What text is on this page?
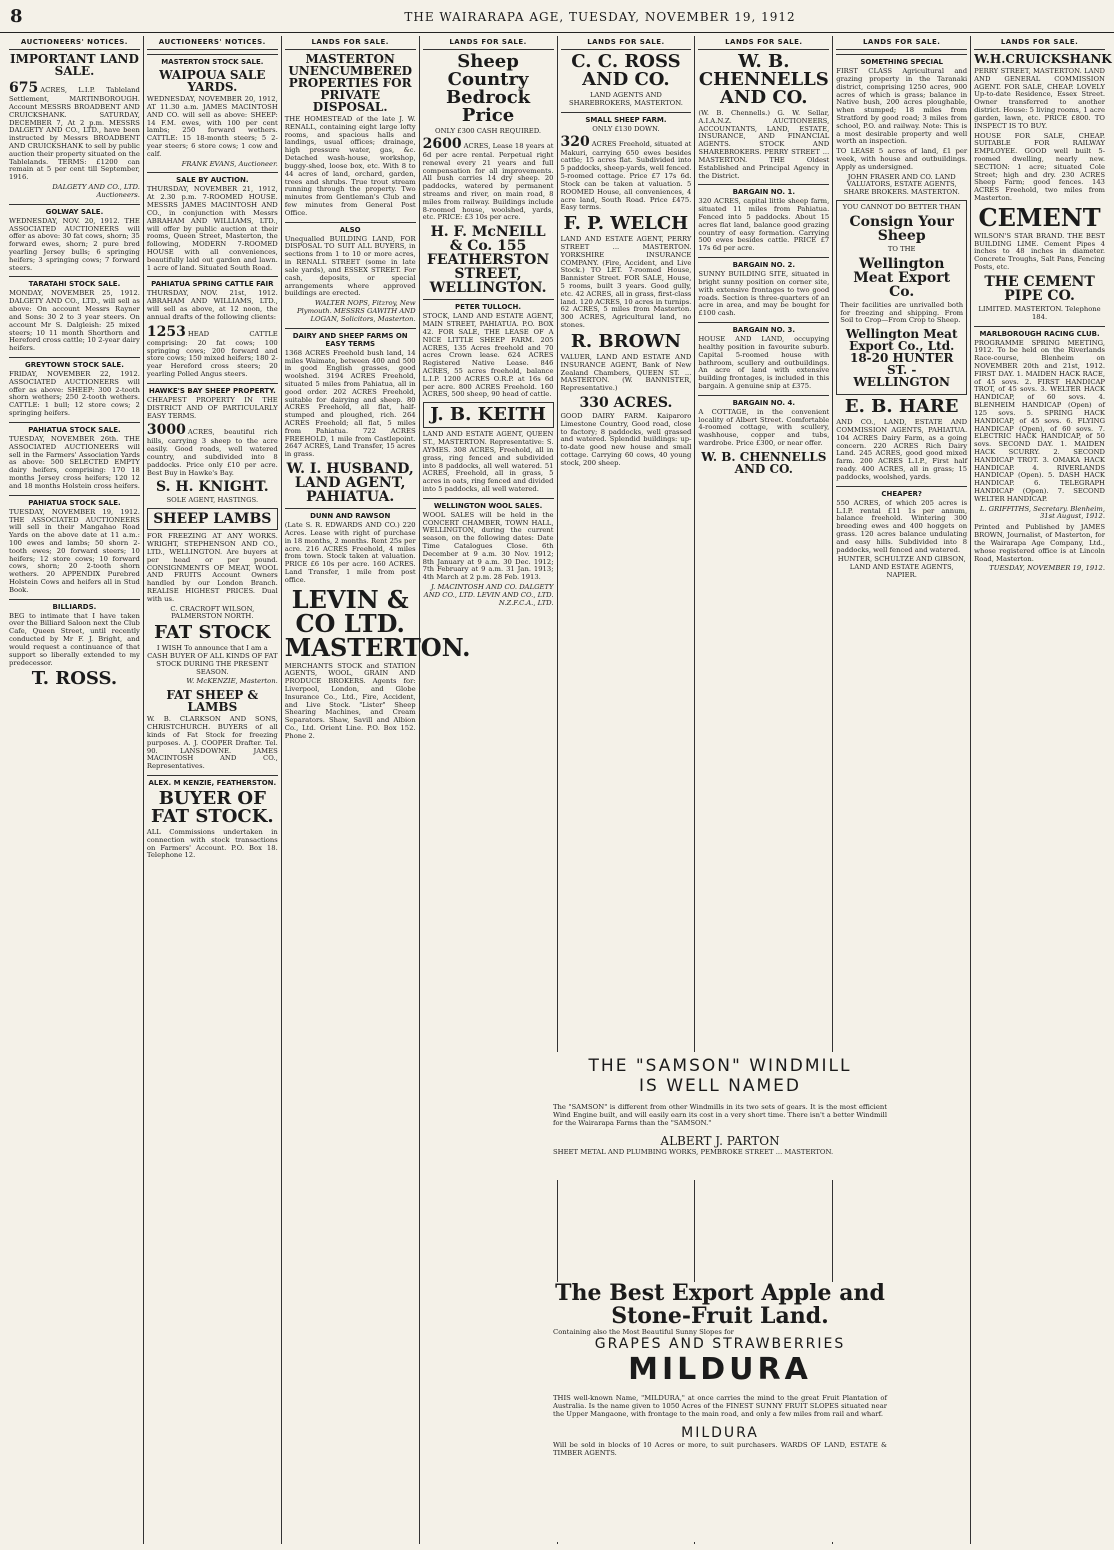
8	THE WAIRARAPA AGE, TUESDAY, NOVEMBER 19, 1912
AUCTIONEERS' NOTICES.
IMPORTANT LAND SALE.

675 ACRES, L.I.P. Tableland Settlement, MARTINBOROUGH. Account MESSRS BROADBENT AND CRUICKSHANK. SATURDAY, DECEMBER 7, At 2 p.m. MESSRS DALGETY AND CO., LTD., have been instructed by Messrs BROADBENT AND CRUICKSHANK to sell by public auction their property situated on the Tablelands. TERMS: £1200 can remain at 5 per cent till September, 1916.

DALGETY AND CO., LTD. Auctioneers.
GOLWAY SALE.

WEDNESDAY, NOV. 20, 1912. THE ASSOCIATED AUCTIONEERS will offer as above: 30 fat cows, shorn; 35 forward ewes, shorn; 2 pure bred yearling Jersey bulls; 6 springing heifers; 3 springing cows; 7 forward steers.

TARATAHI STOCK SALE.

MONDAY, NOVEMBER 25, 1912. DALGETY AND CO., LTD., will sell as above: On account Messrs Rayner and Sons: 30 2 to 3 year steers. On account Mr S. Dalgleish: 25 mixed steers; 10 11 month Shorthorn and Hereford cross cattle; 10 2-year dairy heifers.

GREYTOWN STOCK SALE.

FRIDAY, NOVEMBER 22, 1912. ASSOCIATED AUCTIONEERS will offer as above: SHEEP: 300 2-tooth shorn wethers; 250 2-tooth wethers. CATTLE: 1 bull; 12 store cows; 2 springing heifers.

PAHIATUA STOCK SALE.

TUESDAY, NOVEMBER 26th. THE ASSOCIATED AUCTIONEERS will sell in the Farmers' Association Yards as above: 500 SELECTED EMPTY dairy heifers, comprising: 170 18 months Jersey cross heifers; 120 12 and 18 months Holstein cross heifers.

PAHIATUA STOCK SALE.

TUESDAY, NOVEMBER 19, 1912. THE ASSOCIATED AUCTIONEERS will sell in their Mangahao Road Yards on the above date at 11 a.m.: 100 ewes and lambs; 50 shorn 2-tooth ewes; 20 forward steers; 10 heifers; 12 store cows; 10 forward cows, shorn; 20 2-tooth shorn wethers. 20 APPENDIX Purebred Holstein Cows and heifers all in Stud Book.

BILLIARDS.

BEG to intimate that I have taken over the Billiard Saloon next the Club Cafe, Queen Street, until recently conducted by Mr F. J. Bright, and would request a continuance of that support so liberally extended to my predecessor.

T. ROSS.
AUCTIONEERS' NOTICES.
MASTERTON STOCK SALE.
WAIPOUA SALE YARDS.

WEDNESDAY, NOVEMBER 20, 1912, AT 11.30 a.m. JAMES MACINTOSH AND CO. will sell as above: SHEEP: 14 F.M. ewes, with 100 per cent lambs; 250 forward wethers. CATTLE: 15 18-month steers; 5 2-year steers; 6 store cows; 1 cow and calf.

FRANK EVANS, Auctioneer.
SALE BY AUCTION.

THURSDAY, NOVEMBER 21, 1912, At 2.30 p.m. 7-ROOMED HOUSE. MESSRS JAMES MACINTOSH AND CO., in conjunction with Messrs ABRAHAM AND WILLIAMS, LTD., will offer by public auction at their rooms, Queen Street, Masterton, the following, MODERN 7-ROOMED HOUSE with all conveniences, beautifully laid out garden and lawn. 1 acre of land. Situated South Road.

PAHIATUA SPRING CATTLE FAIR

THURSDAY, NOV. 21st, 1912. ABRAHAM AND WILLIAMS, LTD., will sell as above, at 12 noon, the annual drafts of the following clients:

1253 HEAD CATTLE comprising: 20 fat cows; 100 springing cows; 200 forward and store cows; 150 mixed heifers; 180 2-year Hereford cross steers; 20 yearling Polled Angus steers.

HAWKE'S BAY SHEEP PROPERTY.

CHEAPEST PROPERTY IN THE DISTRICT AND OF PARTICULARLY EASY TERMS.

3000 ACRES, beautiful rich hills, carrying 3 sheep to the acre easily. Good roads, well watered country, and subdivided into 8 paddocks. Price only £10 per acre. Best Buy in Hawke's Bay.

S. H. KNIGHT.
SOLE AGENT, HASTINGS.
SHEEP LAMBS

FOR FREEZING AT ANY WORKS. WRIGHT, STEPHENSON AND CO., LTD., WELLINGTON. Are buyers at per head or per pound. CONSIGNMENTS OF MEAT, WOOL AND FRUITS Account Owners handled by our London Branch. REALISE HIGHEST PRICES. Dual with us.

C. CRACROFT WILSON, PALMERSTON NORTH.
FAT STOCK

I WISH To announce that I am a CASH BUYER OF ALL KINDS OF FAT STOCK DURING THE PRESENT SEASON.

W. McKENZIE, Masterton.
FAT SHEEP & LAMBS

W. B. CLARKSON AND SONS, CHRISTCHURCH. BUYERS of all kinds of Fat Stock for freezing purposes. A. J. COOPER Drafter. Tel. 90. LANSDOWNE. JAMES MACINTOSH AND CO., Representatives.

ALEX. M KENZIE, FEATHERSTON.
BUYER OF FAT STOCK.

ALL Commissions undertaken in connection with stock transactions on Farmers' Account. P.O. Box 18. Telephone 12.

LANDS FOR SALE.
MASTERTON UNENCUMBERED PROPERTIES FOR PRIVATE DISPOSAL.

THE HOMESTEAD of the late J. W. RENALL, containing eight large lofty rooms, and spacious halls and landings, usual offices; drainage, high pressure water, gas, &c. Detached wash-house, workshop, buggy-shed, loose box, etc. With 8 to 44 acres of land, orchard, garden, trees and shrubs. True trout stream running through the property. Two minutes from Gentleman's Club and few minutes from General Post Office.

ALSO

Unequalled BUILDING LAND, FOR DISPOSAL TO SUIT ALL BUYERS, in sections from 1 to 10 or more acres, in RENALL STREET (some in late sale yards), and ESSEX STREET. For cash, deposits, or special arrangements where approved buildings are erected.

WALTER NOPS, Fitzroy, New Plymouth. MESSRS GAWITH AND LOGAN, Solicitors, Masterton.
DAIRY AND SHEEP FARMS ON EASY TERMS

1368 ACRES Freehold bush land, 14 miles Waimate, between 400 and 500 in good English grasses, good woolshed. 3194 ACRES Freehold, situated 5 miles from Pahiatua, all in good order. 202 ACRES Freehold, suitable for dairying and sheep. 80 ACRES Freehold, all flat, half-stumped and ploughed, rich. 264 ACRES Freehold; all flat, 5 miles from Pahiatua. 722 ACRES FREEHOLD, 1 mile from Castlepoint. 2647 ACRES, Land Transfer, 15 acres in grass.

W. I. HUSBAND, LAND AGENT, PAHIATUA.
DUNN AND RAWSON

(Late S. R. EDWARDS AND CO.) 220 Acres. Lease with right of purchase in 18 months, 2 months. Rent 25s per acre. 216 ACRES Freehold, 4 miles from town. Stock taken at valuation. PRICE £6 10s per acre. 160 ACRES. Land Transfer, 1 mile from post office.

LEVIN & CO LTD. MASTERTON.

MERCHANTS STOCK and STATION AGENTS, WOOL, GRAIN AND PRODUCE BROKERS. Agents for: Liverpool, London, and Globe Insurance Co., Ltd., Fire, Accident, and Live Stock. "Lister" Sheep Shearing Machines, and Cream Separators. Shaw, Savill and Albion Co., Ltd. Orient Line. P.O. Box 152. Phone 2.

LANDS FOR SALE.
Sheep Country Bedrock Price
ONLY £300 CASH REQUIRED.

2600 ACRES, Lease 18 years at 6d per acre rental. Perpetual right renewal every 21 years and full compensation for all improvements. All bush carries 14 dry sheep. 20 paddocks, watered by permanent streams and river, on main road, 8 miles from railway. Buildings include 8-roomed house, woolshed, yards, etc. PRICE: £3 10s per acre.

H. F. McNEILL & Co. 155 FEATHERSTON STREET, WELLINGTON.
PETER TULLOCH.

STOCK, LAND AND ESTATE AGENT, MAIN STREET, PAHIATUA. P.O. BOX 42. FOR SALE, THE LEASE OF A NICE LITTLE SHEEP FARM. 205 ACRES, 135 Acres freehold and 70 acres Crown lease. 624 ACRES Registered Native Lease. 846 ACRES, 55 acres freehold, balance L.I.P. 1200 ACRES O.R.P. at 16s 6d per acre. 800 ACRES Freehold. 160 ACRES, 500 sheep, 90 head of cattle.

J. B. KEITH

LAND AND ESTATE AGENT, QUEEN ST., MASTERTON. Representative: S. AYMES. 308 ACRES, Freehold, all in grass, ring fenced and subdivided into 8 paddocks, all well watered. 51 ACRES, Freehold, all in grass, 5 acres in oats, ring fenced and divided into 5 paddocks, all well watered.

WELLINGTON WOOL SALES.

WOOL SALES will be held in the CONCERT CHAMBER, TOWN HALL, WELLINGTON, during the current season, on the following dates: Date Time Catalogues Close. 6th December at 9 a.m. 30 Nov. 1912; 8th January at 9 a.m. 30 Dec. 1912; 7th February at 9 a.m. 31 Jan. 1913; 4th March at 2 p.m. 28 Feb. 1913.

J. MACINTOSH AND CO. DALGETY AND CO., LTD. LEVIN AND CO., LTD. N.Z.F.C.A., LTD.
LANDS FOR SALE.
C. C. ROSS AND CO.
LAND AGENTS AND SHAREBROKERS, MASTERTON.
SMALL SHEEP FARM.
ONLY £130 DOWN.

320 ACRES Freehold, situated at Makuri, carrying 650 ewes besides cattle; 15 acres flat. Subdivided into 5 paddocks, sheep-yards, well fenced. 5-roomed cottage. Price £7 17s 6d. Stock can be taken at valuation. 5 ROOMED House, all conveniences, 4 acre land, South Road. Price £475. Easy terms.

F. P. WELCH

LAND AND ESTATE AGENT, PERRY STREET ... MASTERTON. YORKSHIRE INSURANCE COMPANY. (Fire, Accident, and Live Stock.) TO LET. 7-roomed House, Bannister Street. FOR SALE, House, 5 rooms, built 3 years. Good gully, etc. 42 ACRES, all in grass, first-class land. 120 ACRES, 10 acres in turnips. 62 ACRES, 5 miles from Masterton. 300 ACRES, Agricultural land, no stones.

R. BROWN

VALUER, LAND AND ESTATE AND INSURANCE AGENT, Bank of New Zealand Chambers, QUEEN ST. ... MASTERTON. (W. BANNISTER, Representative.)

330 ACRES.

GOOD DAIRY FARM. Kaiparoro Limestone Country, Good road, close to factory; 8 paddocks, well grassed and watered. Splendid buildings: up-to-date good new house and small cottage. Carrying 60 cows, 40 young stock, 200 sheep.

LANDS FOR SALE.
W. B. CHENNELLS AND CO.

(W. B. Chennells.) G. W. Sellar, A.I.A.N.Z. AUCTIONEERS, ACCOUNTANTS, LAND, ESTATE, INSURANCE, AND FINANCIAL AGENTS. STOCK AND SHAREBROKERS. PERRY STREET ... MASTERTON. THE Oldest Established and Principal Agency in the District.

BARGAIN NO. 1.

320 ACRES, capital little sheep farm, situated 11 miles from Pahiatua. Fenced into 5 paddocks. About 15 acres flat land, balance good grazing country of easy formation. Carrying 500 ewes besides cattle. PRICE £7 17s 6d per acre.

BARGAIN NO. 2.

SUNNY BUILDING SITE, situated in bright sunny position on corner site, with extensive frontages to two good roads. Section is three-quarters of an acre in area, and may be bought for £100 cash.

BARGAIN NO. 3.

HOUSE AND LAND, occupying healthy position in favourite suburb. Capital 5-roomed house with bathroom, scullery and outbuildings. An acre of land with extensive building frontages, is included in this bargain. A genuine snip at £375.

BARGAIN NO. 4.

A COTTAGE, in the convenient locality of Albert Street. Comfortable 4-roomed cottage, with scullery, washhouse, copper and tubs, wardrobe. Price £300, or near offer.

W. B. CHENNELLS AND CO.
LANDS FOR SALE.
SOMETHING SPECIAL

FIRST CLASS Agricultural and grazing property in the Taranaki district, comprising 1250 acres, 900 acres of which is grass; balance in Native bush, 200 acres ploughable, when stumped; 18 miles from Stratford by good road; 3 miles from school, P.O. and railway. Note: This is a most desirable property and well worth an inspection.

TO LEASE 5 acres of land, £1 per week, with house and outbuildings. Apply as undersigned.

JOHN FRASER AND CO. LAND VALUATORS, ESTATE AGENTS, SHARE BROKERS. MASTERTON.
YOU CANNOT DO BETTER THAN
Consign Your Sheep
TO THE
Wellington Meat Export Co.

Their facilities are unrivalled both for freezing and shipping. From Soil to Crop—From Crop to Sheep.

Wellington Meat Export Co., Ltd. 18-20 HUNTER ST. - WELLINGTON
E. B. HARE

AND CO., LAND, ESTATE AND COMMISSION AGENTS, PAHIATUA. 104 ACRES Dairy Farm, as a going concern. 220 ACRES Rich Dairy Land. 245 ACRES, good good mixed farm. 200 ACRES L.I.P., First half ready. 400 ACRES, all in grass; 15 paddocks, woolshed, yards.

CHEAPER?

550 ACRES, of which 205 acres is L.I.P. rental £11 1s per annum, balance freehold. Wintering 300 breeding ewes and 400 hoggets on grass. 120 acres balance undulating and easy hills. Subdivided into 8 paddocks, well fenced and watered.

HUNTER, SCHULTZE AND GIBSON, LAND AND ESTATE AGENTS, NAPIER.
LANDS FOR SALE.
W.H.CRUICKSHANK

PERRY STREET, MASTERTON. LAND AND GENERAL COMMISSION AGENT. FOR SALE, CHEAP. LOVELY Up-to-date Residence, Essex Street. Owner transferred to another district. House: 5 living rooms, 1 acre garden, lawn, etc. PRICE £800. TO INSPECT IS TO BUY.

HOUSE FOR SALE, CHEAP. SUITABLE FOR RAILWAY EMPLOYEE. GOOD well built 5-roomed dwelling, nearly new. SECTION: 1 acre; situated Cole Street; high and dry. 230 ACRES Sheep Farm; good fences. 143 ACRES Freehold, two miles from Masterton.

CEMENT

WILSON'S STAR BRAND. THE BEST BUILDING LIME. Cement Pipes 4 inches to 48 inches in diameter. Concrete Troughs, Salt Pans, Fencing Posts, etc.

THE CEMENT PIPE CO.
LIMITED. MASTERTON. Telephone 184.
MARLBOROUGH RACING CLUB.

PROGRAMME SPRING MEETING, 1912. To be held on the Riverlands Race-course, Blenheim on NOVEMBER 20th and 21st, 1912. FIRST DAY. 1. MAIDEN HACK RACE, of 45 sovs. 2. FIRST HANDICAP TROT, of 45 sovs. 3. WELTER HACK HANDICAP, of 60 sovs. 4. BLENHEIM HANDICAP (Open) of 125 sovs. 5. SPRING HACK HANDICAP, of 45 sovs. 6. FLYING HANDICAP (Open), of 60 sovs. 7. ELECTRIC HACK HANDICAP, of 50 sovs. SECOND DAY. 1. MAIDEN HACK SCURRY. 2. SECOND HANDICAP TROT. 3. OMAKA HACK HANDICAP. 4. RIVERLANDS HANDICAP (Open). 5. DASH HACK HANDICAP. 6. TELEGRAPH HANDICAP (Open). 7. SECOND WELTER HANDICAP.

L. GRIFFITHS, Secretary. Blenheim, 31st August, 1912.

Printed and Published by JAMES BROWN, Journalist, of Masterton, for the Wairarapa Age Company, Ltd., whose registered office is at Lincoln Road, Masterton.

TUESDAY, NOVEMBER 19, 1912.
THE "SAMSON" WINDMILL
IS WELL NAMED

The "SAMSON" is different from other Windmills in its two sets of gears. It is the most efficient Wind Engine built, and will easily earn its cost in a very short time. There isn't a better Windmill for the Wairarapa Farms than the "SAMSON."

ALBERT J. PARTON
SHEET METAL AND PLUMBING WORKS, PEMBROKE STREET ... MASTERTON.
The Best Export Apple and Stone-Fruit Land.
Containing also the Most Beautiful Sunny Slopes for
GRAPES AND STRAWBERRIES
MILDURA

THIS well-known Name, "MILDURA," at once carries the mind to the great Fruit Plantation of Australia. Is the name given to 1050 Acres of the FINEST SUNNY FRUIT SLOPES situated near the Upper Mangaone, with frontage to the main road, and only a few miles from rail and wharf.

MILDURA
Will be sold in blocks of 10 Acres or more, to suit purchasers. WARDS OF LAND, ESTATE & TIMBER AGENTS.
